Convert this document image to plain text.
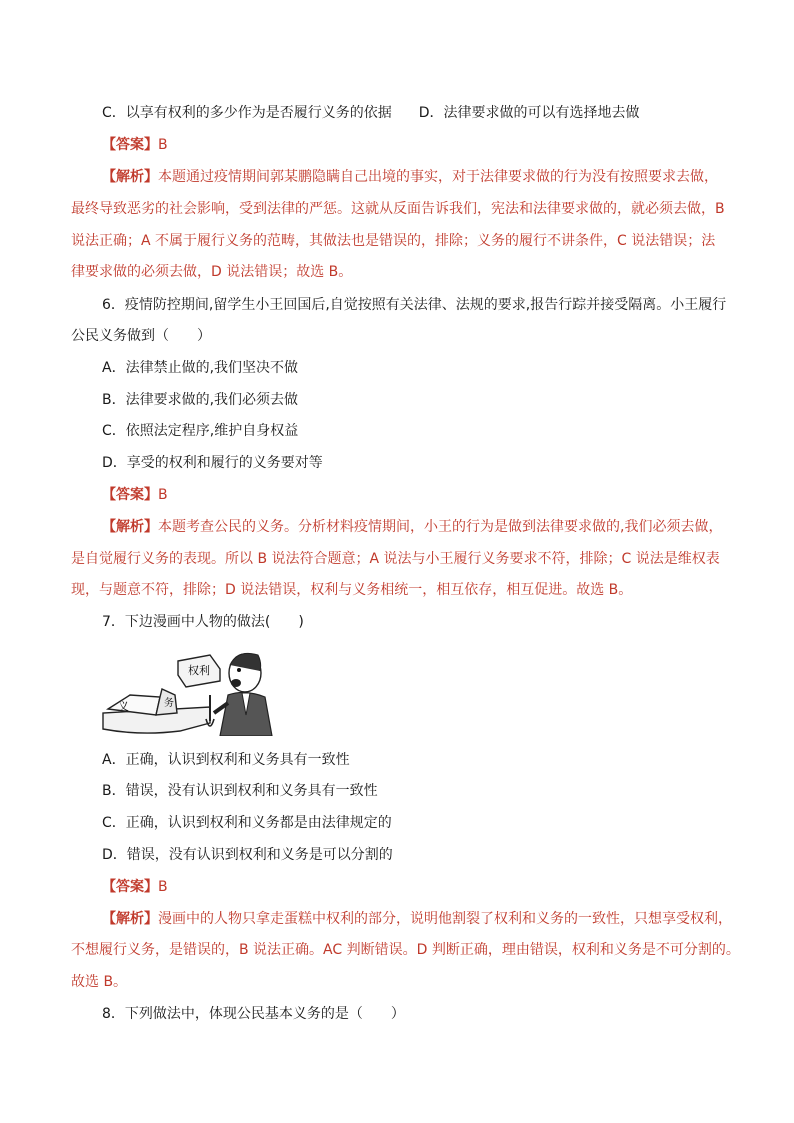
C．以享有权利的多少作为是否履行义务的依据 D．法律要求做的可以有选择地去做
【答案】B
【解析】本题通过疫情期间郭某鹏隐瞒自己出境的事实，对于法律要求做的行为没有按照要求去做，
最终导致恶劣的社会影响，受到法律的严惩。这就从反面告诉我们，宪法和法律要求做的，就必须去做，B
说法正确；A 不属于履行义务的范畴，其做法也是错误的，排除；义务的履行不讲条件，C 说法错误；法
律要求做的必须去做，D 说法错误；故选 B。
6．疫情防控期间,留学生小王回国后,自觉按照有关法律、法规的要求,报告行踪并接受隔离。小王履行
公民义务做到（　　）
A．法律禁止做的,我们坚决不做
B．法律要求做的,我们必须去做
C．依照法定程序,维护自身权益
D．享受的权利和履行的义务要对等
【答案】B
【解析】本题考查公民的义务。分析材料疫情期间，小王的行为是做到法律要求做的,我们必须去做，
是自觉履行义务的表现。所以 B 说法符合题意；A 说法与小王履行义务要求不符，排除；C 说法是维权表
现，与题意不符，排除；D 说法错误，权利与义务相统一，相互依存，相互促进。故选 B。
7．下边漫画中人物的做法(　　)
义	务
权利
A．正确，认识到权利和义务具有一致性
B．错误，没有认识到权利和义务具有一致性
C．正确，认识到权利和义务都是由法律规定的
D．错误，没有认识到权利和义务是可以分割的
【答案】B
【解析】漫画中的人物只拿走蛋糕中权利的部分，说明他割裂了权利和义务的一致性，只想享受权利，
不想履行义务，是错误的，B 说法正确。AC 判断错误。D 判断正确，理由错误，权利和义务是不可分割的。
故选 B。
8．下列做法中，体现公民基本义务的是（　　）
